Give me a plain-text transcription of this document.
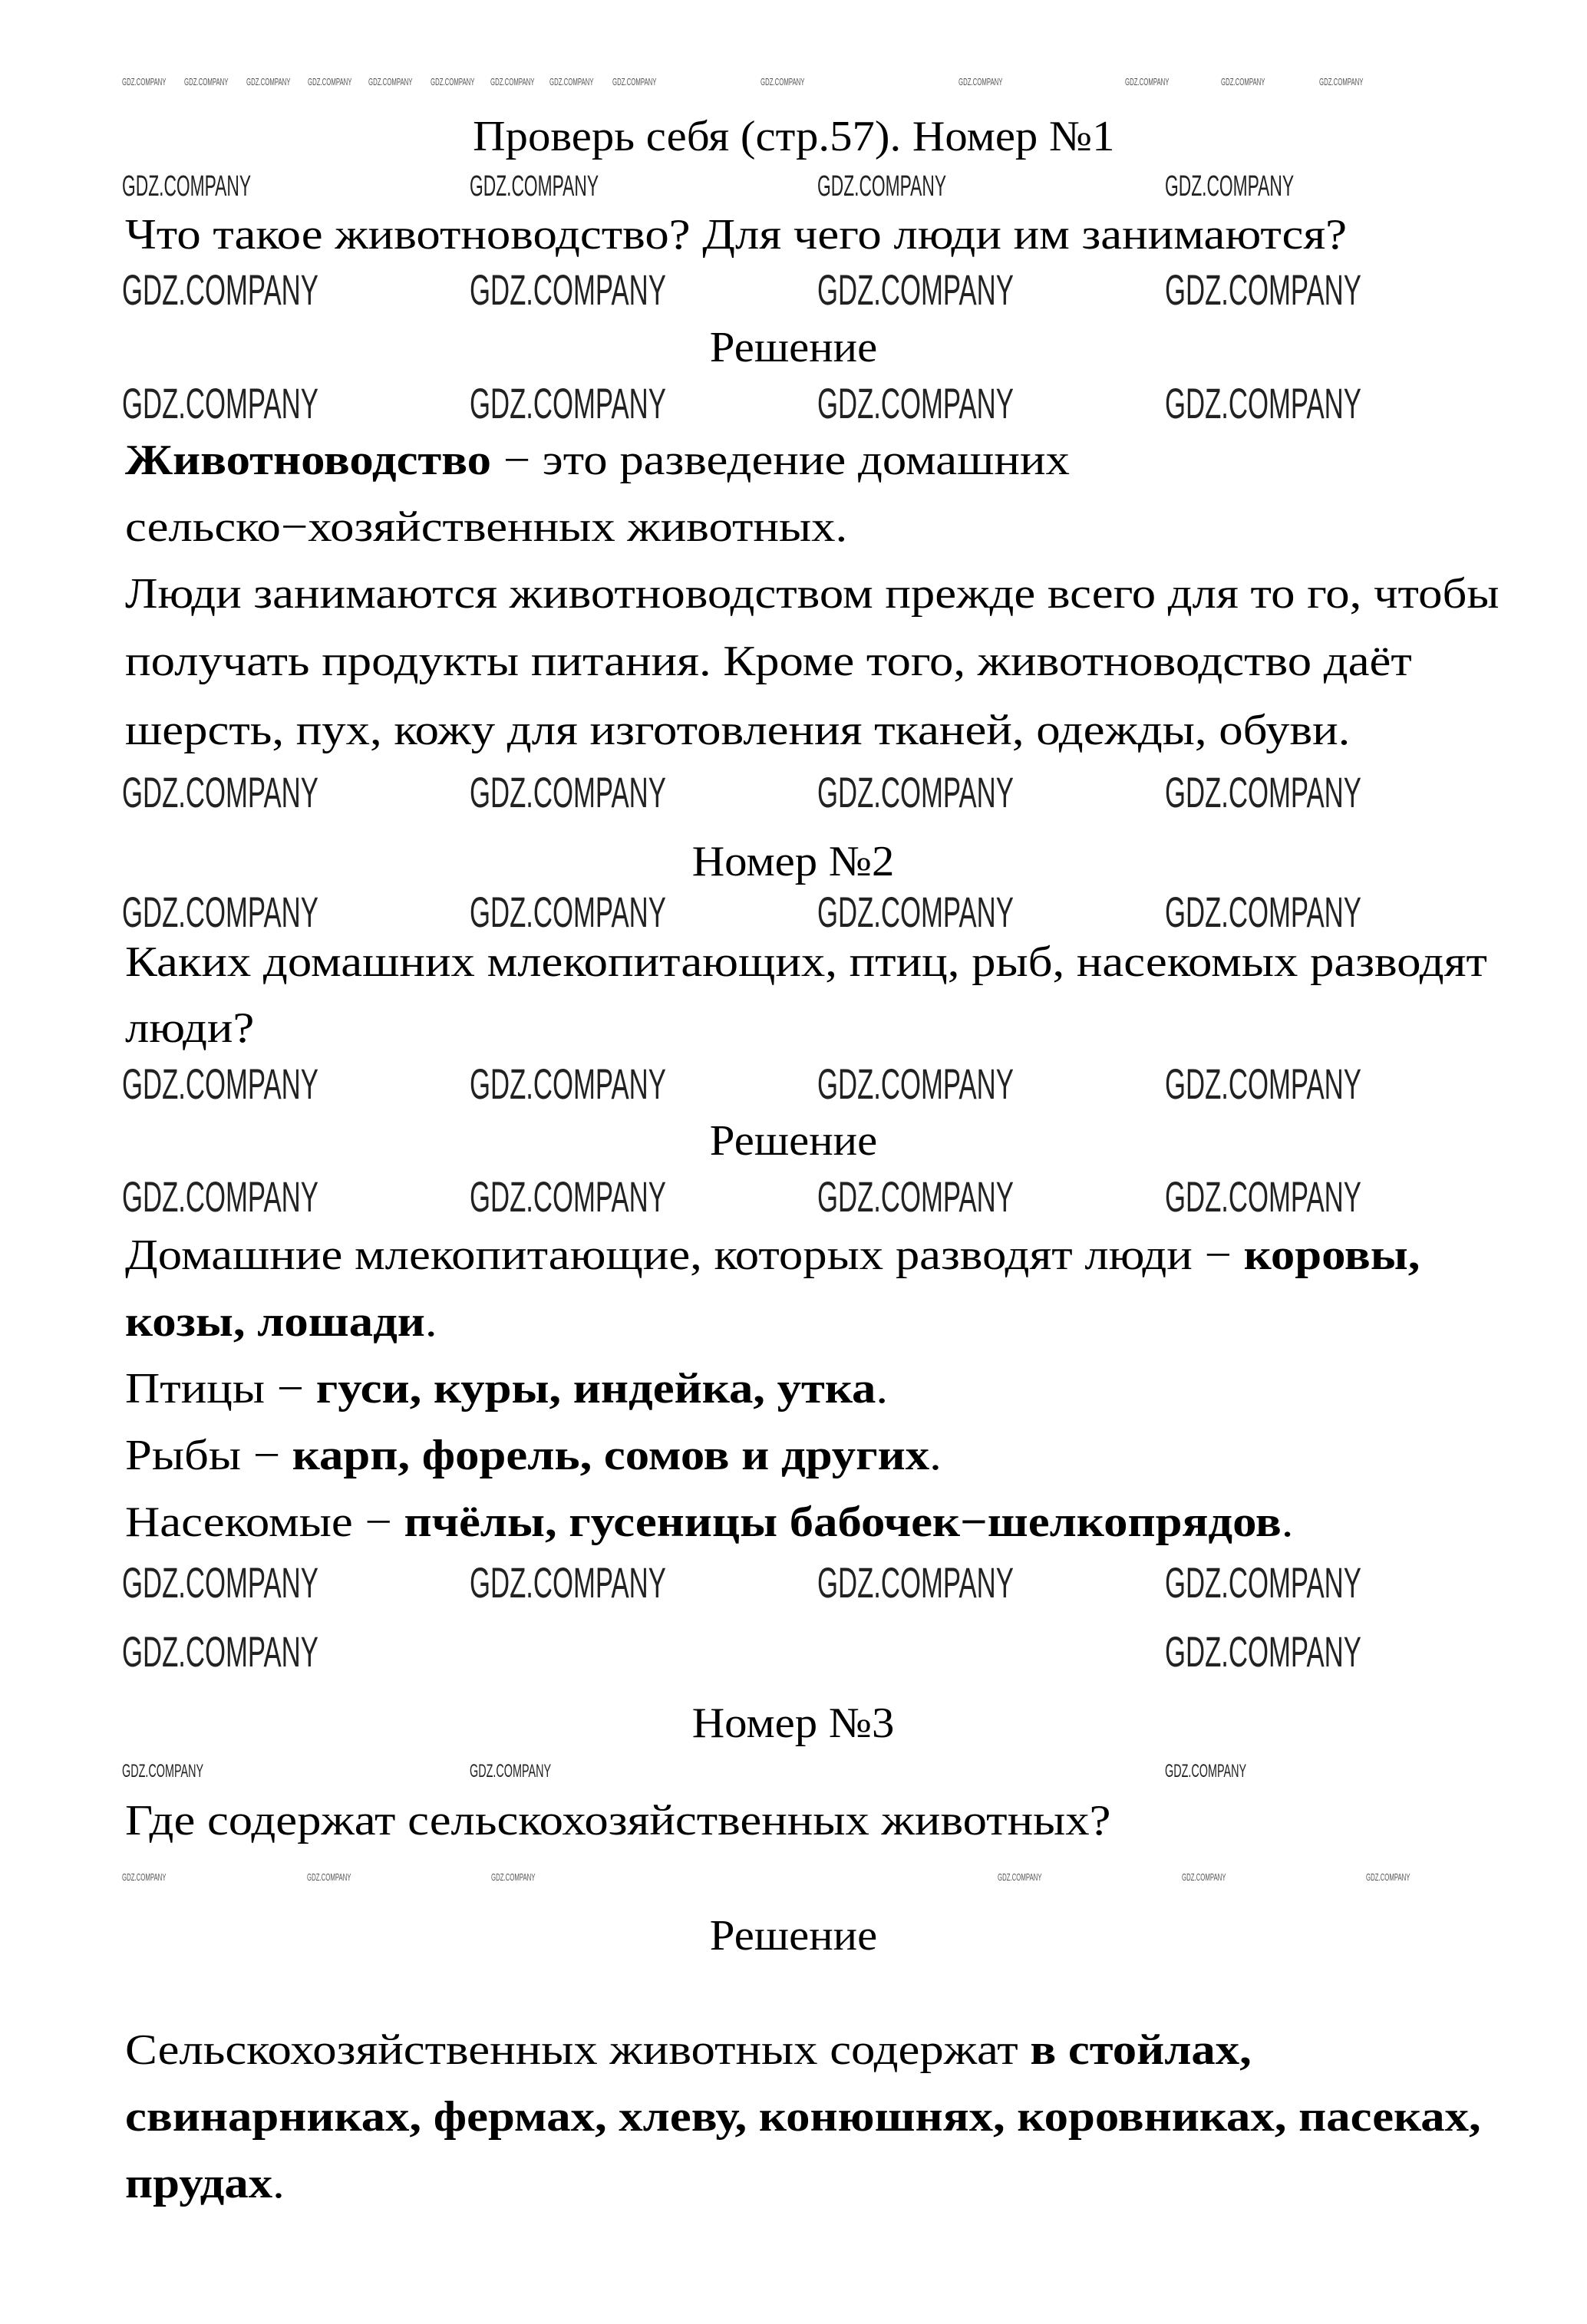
Проверь себя (стр.57). Номер №1
Что такое животноводство? Для чего люди им занимаются?
Решение
Животноводство − это разведение домашних
сельско−хозяйственных животных.
Люди занимаются животноводством прежде всего для то го, чтобы
получать продукты питания. Кроме того, животноводство даёт
шерсть, пух, кожу для изготовления тканей, одежды, обуви.
Номер №2
Каких домашних млекопитающих, птиц, рыб, насекомых разводят
люди?
Решение
Домашние млекопитающие, которых разводят люди − коровы,
козы, лошади.
Птицы − гуси, куры, индейка, утка.
Рыбы − карп, форель, сомов и других.
Насекомые − пчёлы, гусеницы бабочек−шелкопрядов.
Номер №3
Где содержат сельскохозяйственных животных?
Решение
Сельскохозяйственных животных содержат в стойлах,
свинарниках, фермах, хлеву, конюшнях, коровниках, пасеках,
прудах.
GDZ.COMPANY	GDZ.COMPANY	GDZ.COMPANY	GDZ.COMPANY
GDZ.COMPANY	GDZ.COMPANY	GDZ.COMPANY	GDZ.COMPANY
GDZ.COMPANY	GDZ.COMPANY	GDZ.COMPANY	GDZ.COMPANY
GDZ.COMPANY	GDZ.COMPANY	GDZ.COMPANY	GDZ.COMPANY
GDZ.COMPANY	GDZ.COMPANY	GDZ.COMPANY	GDZ.COMPANY
GDZ.COMPANY	GDZ.COMPANY	GDZ.COMPANY	GDZ.COMPANY
GDZ.COMPANY	GDZ.COMPANY	GDZ.COMPANY	GDZ.COMPANY
GDZ.COMPANY	GDZ.COMPANY
GDZ.COMPANY	GDZ.COMPANY	GDZ.COMPANY	GDZ.COMPANY
GDZ.COMPANY	GDZ.COMPANY	GDZ.COMPANY
GDZ.COMPANY	GDZ.COMPANY	GDZ.COMPANY	GDZ.COMPANY	GDZ.COMPANY	GDZ.COMPANY
GDZ.COMPANY GDZ.COMPANY GDZ.COMPANY GDZ.COMPANY GDZ.COMPANY GDZ.COMPANY GDZ.COMPANY GDZ.COMPANY GDZ.COMPANY	GDZ.COMPANY	GDZ.COMPANY	GDZ.COMPANY	GDZ.COMPANY	GDZ.COMPANY
